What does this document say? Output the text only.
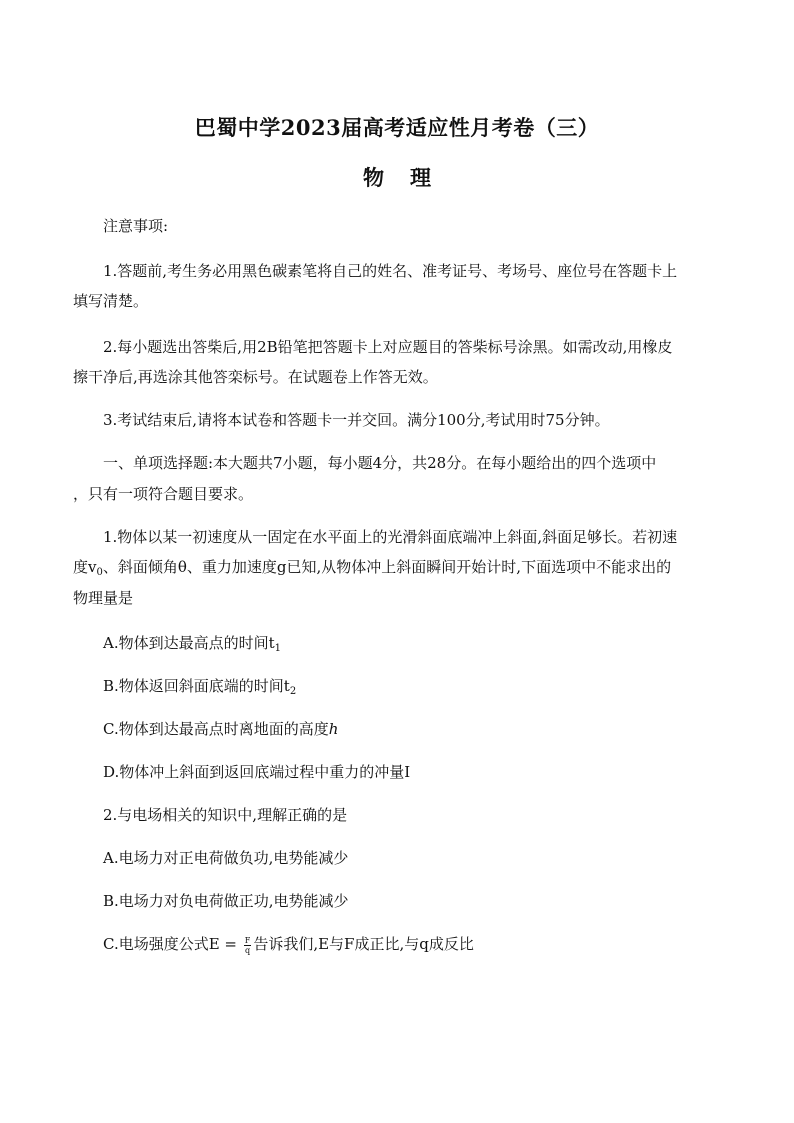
巴蜀中学2023届高考适应性月考卷（三）
物 理
注意事项:
1.答题前,考生务必用黑色碳素笔将自己的姓名、准考证号、考场号、座位号在答题卡上
填写清楚。
2.每小题选出答柴后,用2B铅笔把答题卡上对应题目的答柴标号涂黑。如需改动,用橡皮
擦干净后,再选涂其他答栾标号。在试题卷上作答无效。
3.考试结束后,请将本试卷和答题卡一并交回。满分100分,考试用时75分钟。
一、单项选择题:本大题共7小题，每小题4分，共28分。在每小题给出的四个选项中
，只有一项符合题目要求。
1.物体以某一初速度从一固定在水平面上的光滑斜面底端冲上斜面,斜面足够长。若初速
度$v_0$、斜面倾角θ、重力加速度g已知,从物体冲上斜面瞬间开始计时,下面选项中不能求出的
物理量是
A.物体到达最高点的时间$t_1$
B.物体返回斜面底端的时间$t_2$
C.物体到达最高点时离地面的高度h
D.物体冲上斜面到返回底端过程中重力的冲量I
2.与电场相关的知识中,理解正确的是
A.电场力对正电荷做负功,电势能减少
B.电场力对负电荷做正功,电势能减少
C.电场强度公式$E = \frac{F}{q}$ 告诉我们,E与F成正比,与q成反比
